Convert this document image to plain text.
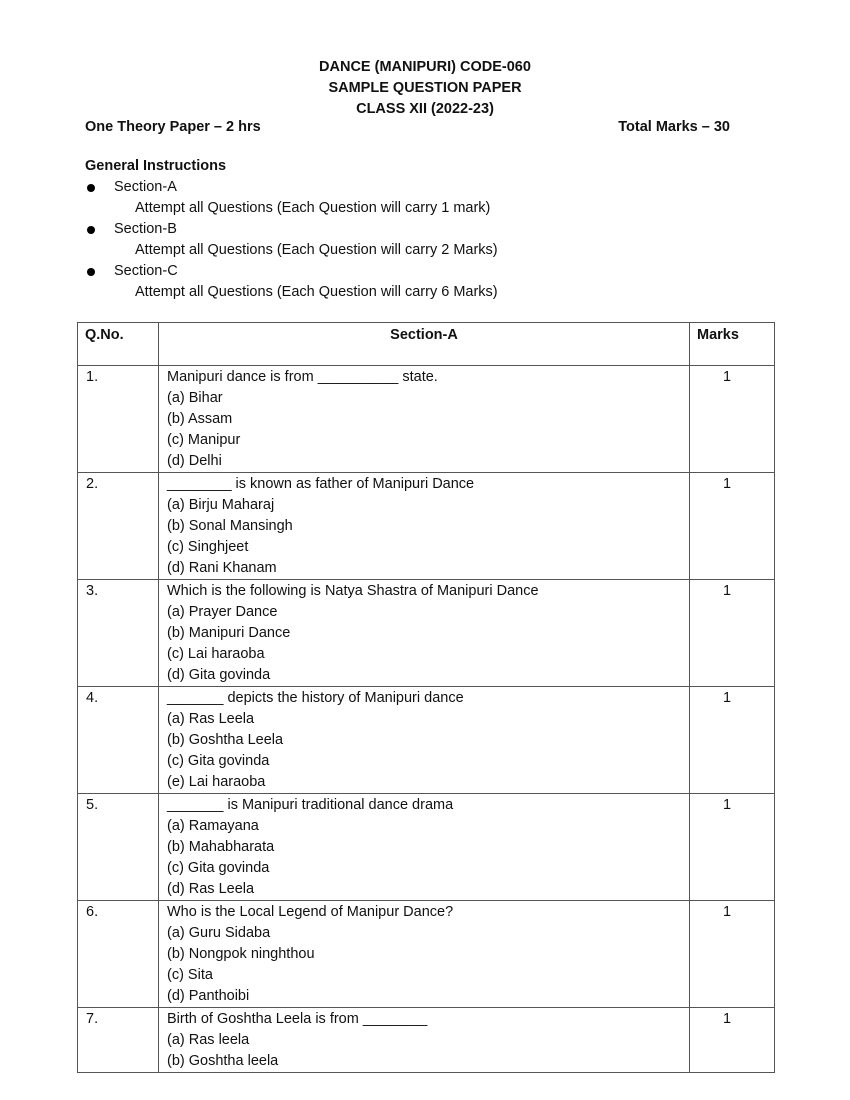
DANCE (MANIPURI) CODE-060
SAMPLE QUESTION PAPER
CLASS XII (2022-23)
One Theory Paper – 2 hrs	Total Marks – 30
General Instructions
Section-A
Attempt all Questions (Each Question will carry 1 mark)
Section-B
Attempt all Questions (Each Question will carry 2 Marks)
Section-C
Attempt all Questions (Each Question will carry 6 Marks)
Q.No.	Section-A	Marks
1.	Manipuri dance is from __________ state.
(a) Bihar
(b) Assam
(c) Manipur
(d) Delhi	1
2.	________ is known as father of Manipuri Dance
(a) Birju Maharaj
(b) Sonal Mansingh
(c) Singhjeet
(d) Rani Khanam	1
3.	Which is the following is Natya Shastra of Manipuri Dance
(a) Prayer Dance
(b) Manipuri Dance
(c) Lai haraoba
(d) Gita govinda	1
4.	_______ depicts the history of Manipuri dance
(a) Ras Leela
(b) Goshtha Leela
(c) Gita govinda
(e) Lai haraoba	1
5.	_______ is Manipuri traditional dance drama
(a) Ramayana
(b) Mahabharata
(c) Gita govinda
(d) Ras Leela	1
6.	Who is the Local Legend of Manipur Dance?
(a) Guru Sidaba
(b) Nongpok ninghthou
(c) Sita
(d) Panthoibi	1
7.	Birth of Goshtha Leela is from ________
(a) Ras leela
(b) Goshtha leela	1
